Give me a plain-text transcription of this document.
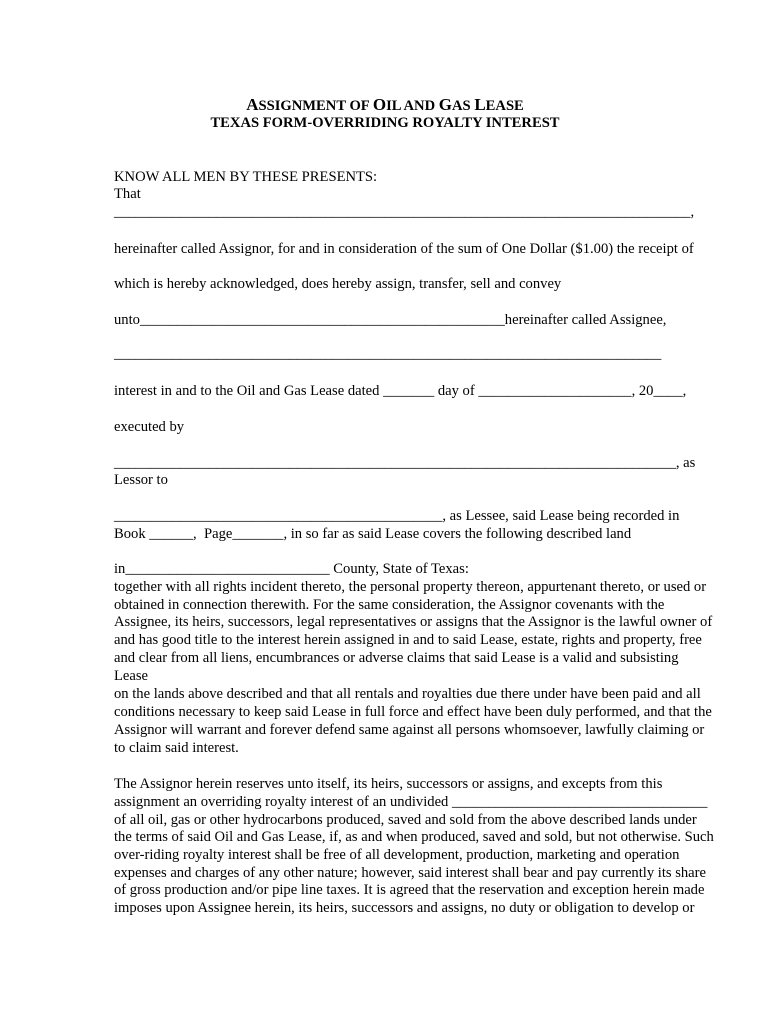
ASSIGNMENT OF OIL AND GAS LEASE

TEXAS FORM-OVERRIDING ROYALTY INTEREST

KNOW ALL MEN BY THESE PRESENTS:

That

_______________________________________________________________________________,

hereinafter called Assignor, for and in consideration of the sum of One Dollar ($1.00) the receipt of

which is hereby acknowledged, does hereby assign, transfer, sell and convey

unto__________________________________________________hereinafter called Assignee,

___________________________________________________________________________

interest in and to the Oil and Gas Lease dated _______ day of _____________________, 20____,

executed by

_____________________________________________________________________________, as

Lessor to

_____________________________________________, as Lessee, said Lease being recorded in

Book ______,  Page_______, in so far as said Lease covers the following described land

in____________________________ County, State of Texas:

together with all rights incident thereto, the personal property thereon, appurtenant thereto, or used or

obtained in connection therewith. For the same consideration, the Assignor covenants with the

Assignee, its heirs, successors, legal representatives or assigns that the Assignor is the lawful owner of

and has good title to the interest herein assigned in and to said Lease, estate, rights and property, free

and clear from all liens, encumbrances or adverse claims that said Lease is a valid and subsisting

Lease

on the lands above described and that all rentals and royalties due there under have been paid and all

conditions necessary to keep said Lease in full force and effect have been duly performed, and that the

Assignor will warrant and forever defend same against all persons whomsoever, lawfully claiming or

to claim said interest.

The Assignor herein reserves unto itself, its heirs, successors or assigns, and excepts from this

assignment an overriding royalty interest of an undivided ___________________________________

of all oil, gas or other hydrocarbons produced, saved and sold from the above described lands under

the terms of said Oil and Gas Lease, if, as and when produced, saved and sold, but not otherwise. Such

over-riding royalty interest shall be free of all development, production, marketing and operation

expenses and charges of any other nature; however, said interest shall bear and pay currently its share

of gross production and/or pipe line taxes. It is agreed that the reservation and exception herein made

imposes upon Assignee herein, its heirs, successors and assigns, no duty or obligation to develop or
